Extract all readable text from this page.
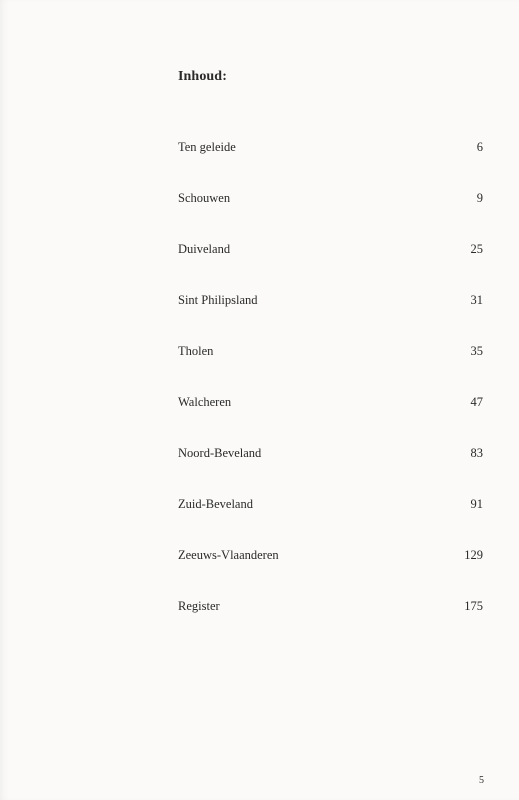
Inhoud:
Ten geleide	6
Schouwen	9
Duiveland	25
Sint Philipsland	31
Tholen	35
Walcheren	47
Noord-Beveland	83
Zuid-Beveland	91
Zeeuws-Vlaanderen	129
Register	175
5
